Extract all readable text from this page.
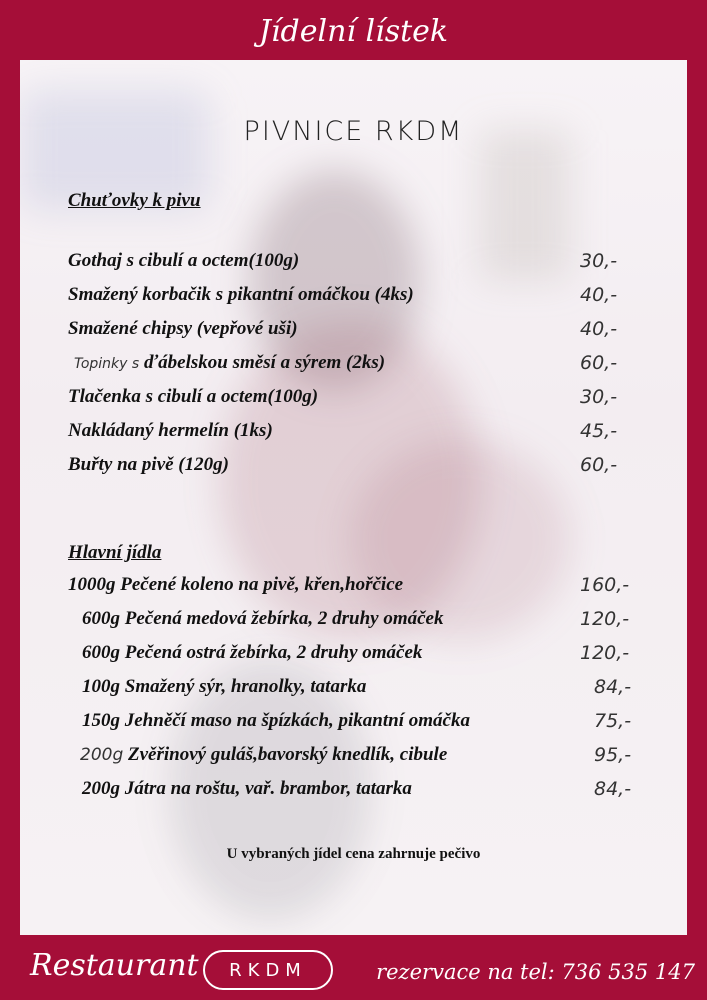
Jídelní lístek
PIVNICE RKDM
Chuťovky k pivu
Gothaj s cibulí a octem(100g)	30,-
Smažený korbačik s pikantní omáčkou (4ks)	40,-
Smažené chipsy (vepřové uši)	40,-
Topinky s ďábelskou směsí a sýrem (2ks)	60,-
Tlačenka s cibulí a octem(100g)	30,-
Nakládaný hermelín (1ks)	45,-
Buřty na pivě (120g)	60,-
Hlavní jídla
1000g Pečené koleno na pivě, křen,hořčice	160,-
600g Pečená medová žebírka, 2 druhy omáček	120,-
600g Pečená ostrá žebírka, 2 druhy omáček	120,-
100g Smažený sýr, hranolky, tatarka	84,-
150g Jehněčí maso na špízkách, pikantní omáčka	75,-
200g Zvěřinový guláš,bavorský knedlík, cibule	95,-
200g Játra na roštu, vař. brambor, tatarka	84,-
U vybraných jídel cena zahrnuje pečivo
Restaurant	RKDM	rezervace na tel: 736 535 147
